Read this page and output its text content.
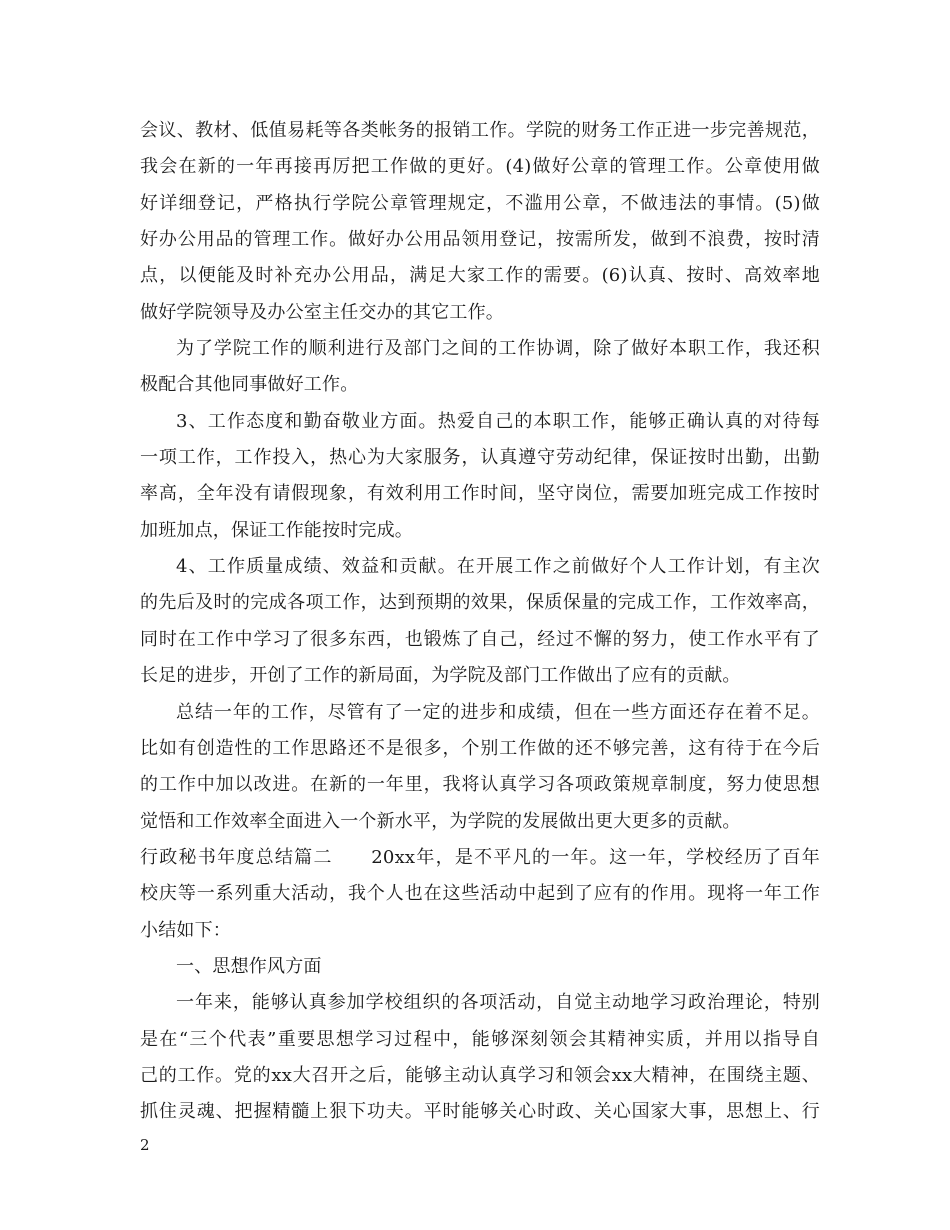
会议、教材、低值易耗等各类帐务的报销工作。学院的财务工作正进一步完善规范，
我会在新的一年再接再厉把工作做的更好。(4)做好公章的管理工作。公章使用做
好详细登记，严格执行学院公章管理规定，不滥用公章，不做违法的事情。(5)做
好办公用品的管理工作。做好办公用品领用登记，按需所发，做到不浪费，按时清
点，以便能及时补充办公用品，满足大家工作的需要。(6)认真、按时、高效率地
做好学院领导及办公室主任交办的其它工作。
为了学院工作的顺利进行及部门之间的工作协调，除了做好本职工作，我还积
极配合其他同事做好工作。
3、工作态度和勤奋敬业方面。热爱自己的本职工作，能够正确认真的对待每
一项工作，工作投入，热心为大家服务，认真遵守劳动纪律，保证按时出勤，出勤
率高，全年没有请假现象，有效利用工作时间，坚守岗位，需要加班完成工作按时
加班加点，保证工作能按时完成。
4、工作质量成绩、效益和贡献。在开展工作之前做好个人工作计划，有主次
的先后及时的完成各项工作，达到预期的效果，保质保量的完成工作，工作效率高，
同时在工作中学习了很多东西，也锻炼了自己，经过不懈的努力，使工作水平有了
长足的进步，开创了工作的新局面，为学院及部门工作做出了应有的贡献。
总结一年的工作，尽管有了一定的进步和成绩，但在一些方面还存在着不足。
比如有创造性的工作思路还不是很多，个别工作做的还不够完善，这有待于在今后
的工作中加以改进。在新的一年里，我将认真学习各项政策规章制度，努力使思想
觉悟和工作效率全面进入一个新水平，为学院的发展做出更大更多的贡献。
行政秘书年度总结篇二　　20xx年，是不平凡的一年。这一年，学校经历了百年
校庆等一系列重大活动，我个人也在这些活动中起到了应有的作用。现将一年工作
小结如下：
一、思想作风方面
一年来，能够认真参加学校组织的各项活动，自觉主动地学习政治理论，特别
是在“三个代表”重要思想学习过程中，能够深刻领会其精神实质，并用以指导自
己的工作。党的xx大召开之后，能够主动认真学习和领会xx大精神，在围绕主题、
抓住灵魂、把握精髓上狠下功夫。平时能够关心时政、关心国家大事，思想上、行
2
